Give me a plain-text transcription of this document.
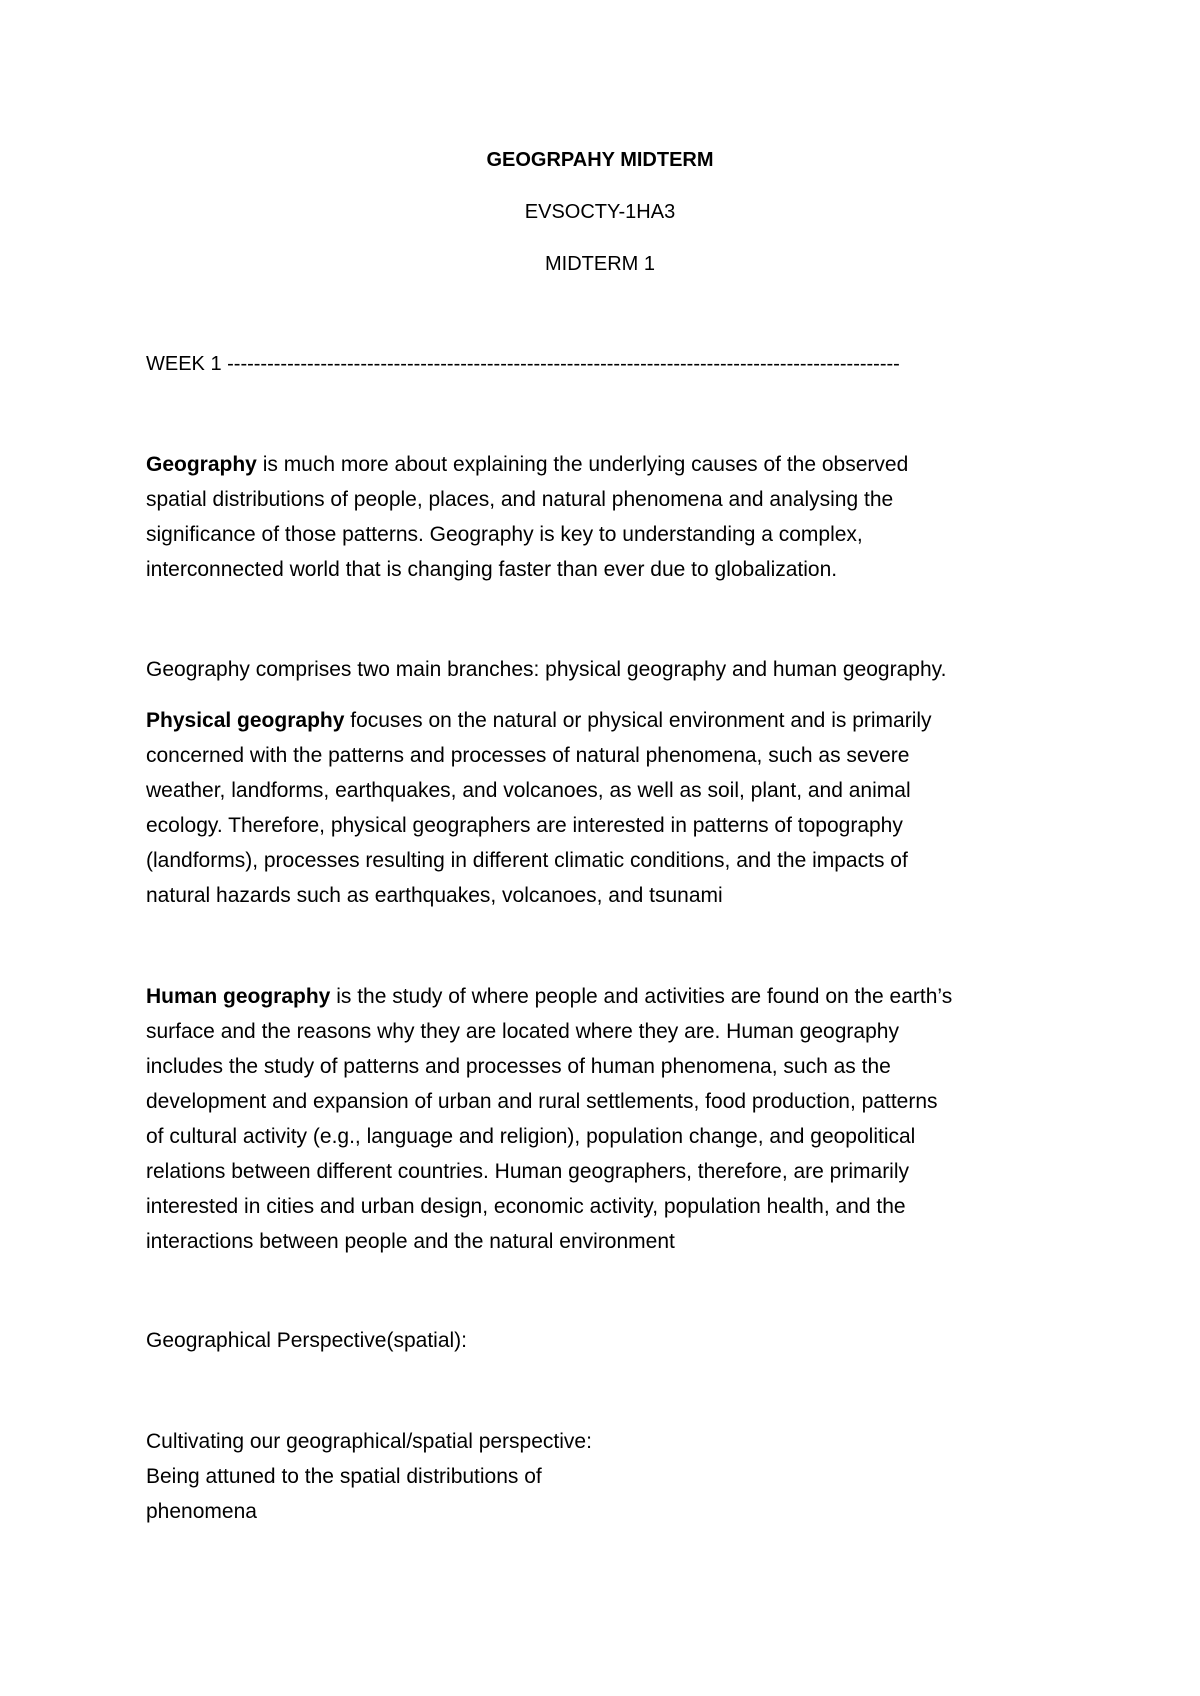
GEOGRPAHY MIDTERM
EVSOCTY-1HA3
MIDTERM 1
WEEK 1 -----------------------------------------------------------------------------------------------------
Geography is much more about explaining the underlying causes of the observed
spatial distributions of people, places, and natural phenomena and analysing the
significance of those patterns. Geography is key to understanding a complex,
interconnected world that is changing faster than ever due to globalization.
Geography comprises two main branches: physical geography and human geography.
Physical geography focuses on the natural or physical environment and is primarily
concerned with the patterns and processes of natural phenomena, such as severe
weather, landforms, earthquakes, and volcanoes, as well as soil, plant, and animal
ecology. Therefore, physical geographers are interested in patterns of topography
(landforms), processes resulting in different climatic conditions, and the impacts of
natural hazards such as earthquakes, volcanoes, and tsunami
Human geography is the study of where people and activities are found on the earth’s
surface and the reasons why they are located where they are. Human geography
includes the study of patterns and processes of human phenomena, such as the
development and expansion of urban and rural settlements, food production, patterns
of cultural activity (e.g., language and religion), population change, and geopolitical
relations between different countries. Human geographers, therefore, are primarily
interested in cities and urban design, economic activity, population health, and the
interactions between people and the natural environment
Geographical Perspective(spatial):
Cultivating our geographical/spatial perspective:
Being attuned to the spatial distributions of
phenomena
